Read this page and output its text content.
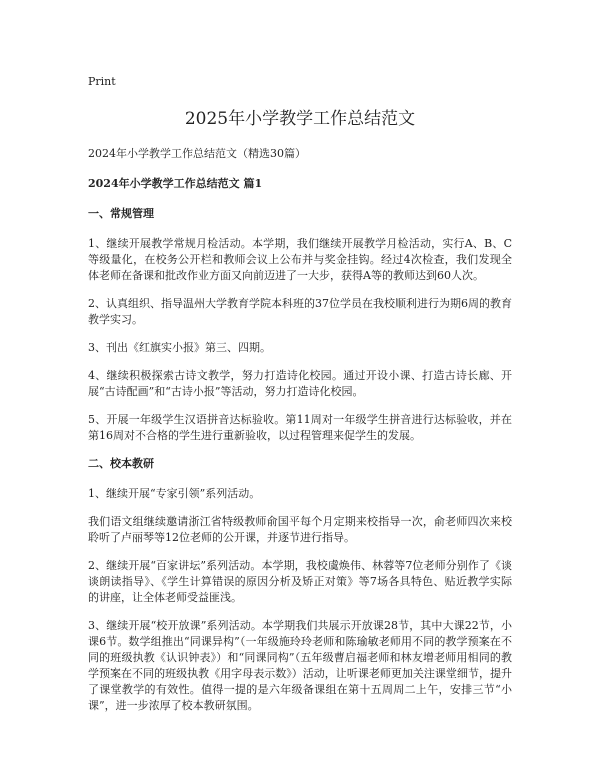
Print
2025年小学教学工作总结范文

2024年小学教学工作总结范文（精选30篇）

2024年小学教学工作总结范文 篇1

一、常规管理

1、继续开展教学常规月检活动。本学期，我们继续开展教学月检活动，实行A、B、C等级量化，在校务公开栏和教师会议上公布并与奖金挂钩。经过4次检查，我们发现全体老师在备课和批改作业方面又向前迈进了一大步，获得A等的教师达到60人次。

2、认真组织、指导温州大学教育学院本科班的37位学员在我校顺利进行为期6周的教育教学实习。

3、刊出《红旗实小报》第三、四期。

4、继续积极探索古诗文教学，努力打造诗化校园。通过开设小课、打造古诗长廊、开展“古诗配画”和“古诗小报”等活动，努力打造诗化校园。

5、开展一年级学生汉语拼音达标验收。第11周对一年级学生拼音进行达标验收，并在第16周对不合格的学生进行重新验收，以过程管理来促学生的发展。

二、校本教研

1、继续开展“专家引领”系列活动。

我们语文组继续邀请浙江省特级教师俞国平每个月定期来校指导一次，俞老师四次来校聆听了卢丽琴等12位老师的公开课，并逐节进行指导。

2、继续开展“百家讲坛”系列活动。本学期，我校虞焕伟、林蓉等7位老师分别作了《谈谈朗读指导》、《学生计算错误的原因分析及矫正对策》等7场各具特色、贴近教学实际的讲座，让全体老师受益匪浅。

3、继续开展“校开放课”系列活动。本学期我们共展示开放课28节，其中大课22节，小课6节。数学组推出“同课异构”（一年级施玲玲老师和陈瑜敏老师用不同的教学预案在不同的班级执教《认识钟表》）和“同课同构”（五年级曹启福老师和林友增老师用相同的教学预案在不同的班级执教《用字母表示数》）活动，让听课老师更加关注课堂细节，提升了课堂教学的有效性。值得一提的是六年级备课组在第十五周周二上午，安排三节“小课”，进一步浓厚了校本教研氛围。
